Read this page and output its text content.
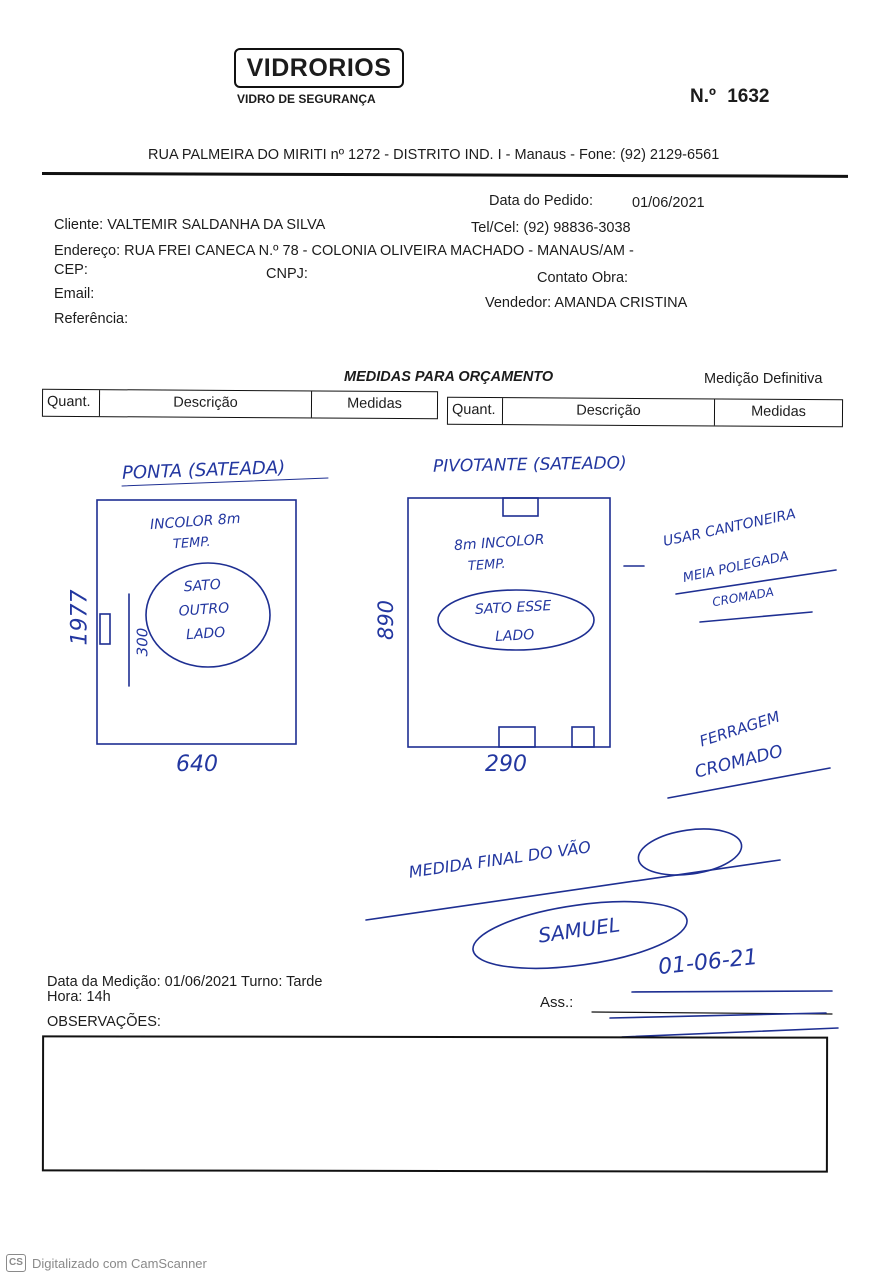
VIDRORIOS
VIDRO DE SEGURANÇA	N.º 1632
RUA PALMEIRA DO MIRITI nº 1272 - DISTRITO IND. I - Manaus - Fone: (92) 2129-6561
Data do Pedido:	01/06/2021
Cliente: VALTEMIR SALDANHA DA SILVA	Tel/Cel: (92) 98836-3038
Endereço: RUA FREI CANECA N.º 78 - COLONIA OLIVEIRA MACHADO - MANAUS/AM -
CEP:	CNPJ:	Contato Obra:
Email:
Vendedor: AMANDA CRISTINA
Referência:
MEDIDAS PARA ORÇAMENTO	Medição Definitiva
Quant.	Descrição	Medidas	Quant.	Descrição	Medidas
PONTA (SATEADA)
INCOLOR 8m
TEMP.
SATO
OUTRO
LADO
1977	300
640
PIVOTANTE (SATEADO)
8m INCOLOR
TEMP.
SATO ESSE
LADO
890
290
USAR CANTONEIRA
MEIA POLEGADA
CROMADA
FERRAGEM
CROMADO
MEDIDA FINAL DO VÃO
SAMUEL
01-06-21
Data da Medição: 01/06/2021 Turno: Tarde
Hora: 14h	Ass.:
OBSERVAÇÕES:
CS Digitalizado com CamScanner
